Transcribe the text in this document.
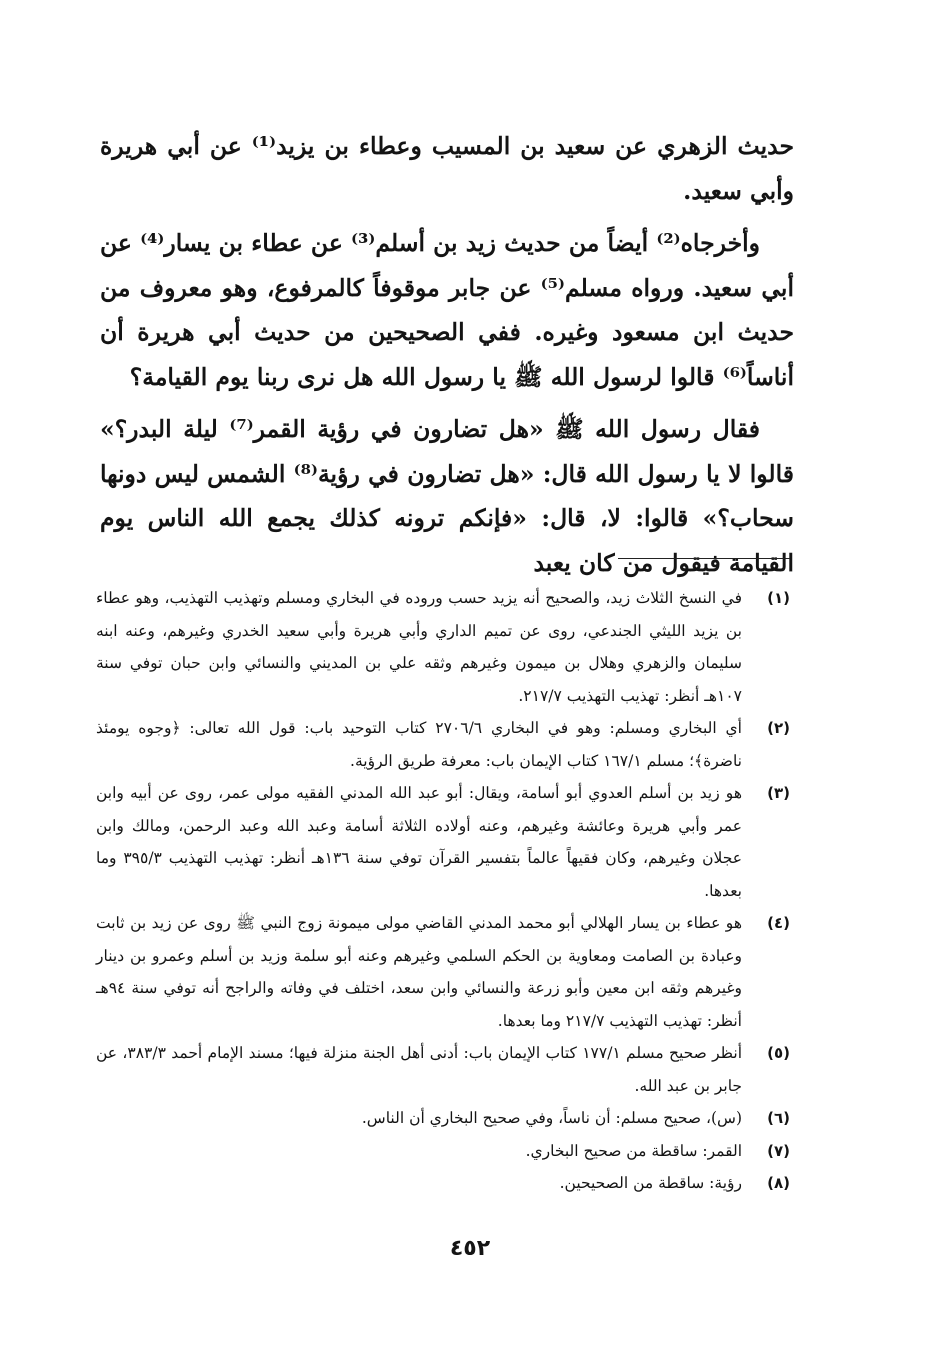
حديث الزهري عن سعيد بن المسيب وعطاء بن يزيد⁽¹⁾ عن أبي هريرة وأبي سعيد.

وأخرجاه⁽²⁾ أيضاً من حديث زيد بن أسلم⁽³⁾ عن عطاء بن يسار⁽⁴⁾ عن أبي سعيد. ورواه مسلم⁽⁵⁾ عن جابر موقوفاً كالمرفوع، وهو معروف من حديث ابن مسعود وغيره. ففي الصحيحين من حديث أبي هريرة أن أناساً⁽⁶⁾ قالوا لرسول الله ﷺ يا رسول الله هل نرى ربنا يوم القيامة؟

فقال رسول الله ﷺ «هل تضارون في رؤية القمر⁽⁷⁾ ليلة البدر؟» قالوا لا يا رسول الله قال: «هل تضارون في رؤية⁽⁸⁾ الشمس ليس دونها سحاب؟» قالوا: لا، قال: «فإنكم ترونه كذلك يجمع الله الناس يوم القيامة فيقول من كان يعبد

(١)
في النسخ الثلاث زيد، والصحيح أنه يزيد حسب وروده في البخاري ومسلم وتهذيب التهذيب، وهو عطاء بن يزيد الليثي الجندعي، روى عن تميم الداري وأبي هريرة وأبي سعيد الخدري وغيرهم، وعنه ابنه سليمان والزهري وهلال بن ميمون وغيرهم وثقه علي بن المديني والنسائي وابن حبان توفي سنة ١٠٧هـ أنظر: تهذيب التهذيب ٢١٧/٧.
(٢)
أي البخاري ومسلم: وهو في البخاري ٢٧٠٦/٦ كتاب التوحيد باب: قول الله تعالى: ﴿وجوه يومئذ ناضرة﴾؛ مسلم ١٦٧/١ كتاب الإيمان باب: معرفة طريق الرؤية.
(٣)
هو زيد بن أسلم العدوي أبو أسامة، ويقال: أبو عبد الله المدني الفقيه مولى عمر، روى عن أبيه وابن عمر وأبي هريرة وعائشة وغيرهم، وعنه أولاده الثلاثة أسامة وعبد الله وعبد الرحمن، ومالك وابن عجلان وغيرهم، وكان فقيهاً عالماً بتفسير القرآن توفي سنة ١٣٦هـ أنظر: تهذيب التهذيب ٣٩٥/٣ وما بعدها.
(٤)
هو عطاء بن يسار الهلالي أبو محمد المدني القاضي مولى ميمونة زوج النبي ﷺ روى عن زيد بن ثابت وعبادة بن الصامت ومعاوية بن الحكم السلمي وغيرهم وعنه أبو سلمة وزيد بن أسلم وعمرو بن دينار وغيرهم وثقه ابن معين وأبو زرعة والنسائي وابن سعد، اختلف في وفاته والراجح أنه توفي سنة ٩٤هـ أنظر: تهذيب التهذيب ٢١٧/٧ وما بعدها.
(٥)
أنظر صحيح مسلم ١٧٧/١ كتاب الإيمان باب: أدنى أهل الجنة منزلة فيها؛ مسند الإمام أحمد ٣٨٣/٣، عن جابر بن عبد الله.
(٦)
(س)، صحيح مسلم: أن ناساً، وفي صحيح البخاري أن الناس.
(٧)
القمر: ساقطة من صحيح البخاري.
(٨)
رؤية: ساقطة من الصحيحين.
٤٥٢
